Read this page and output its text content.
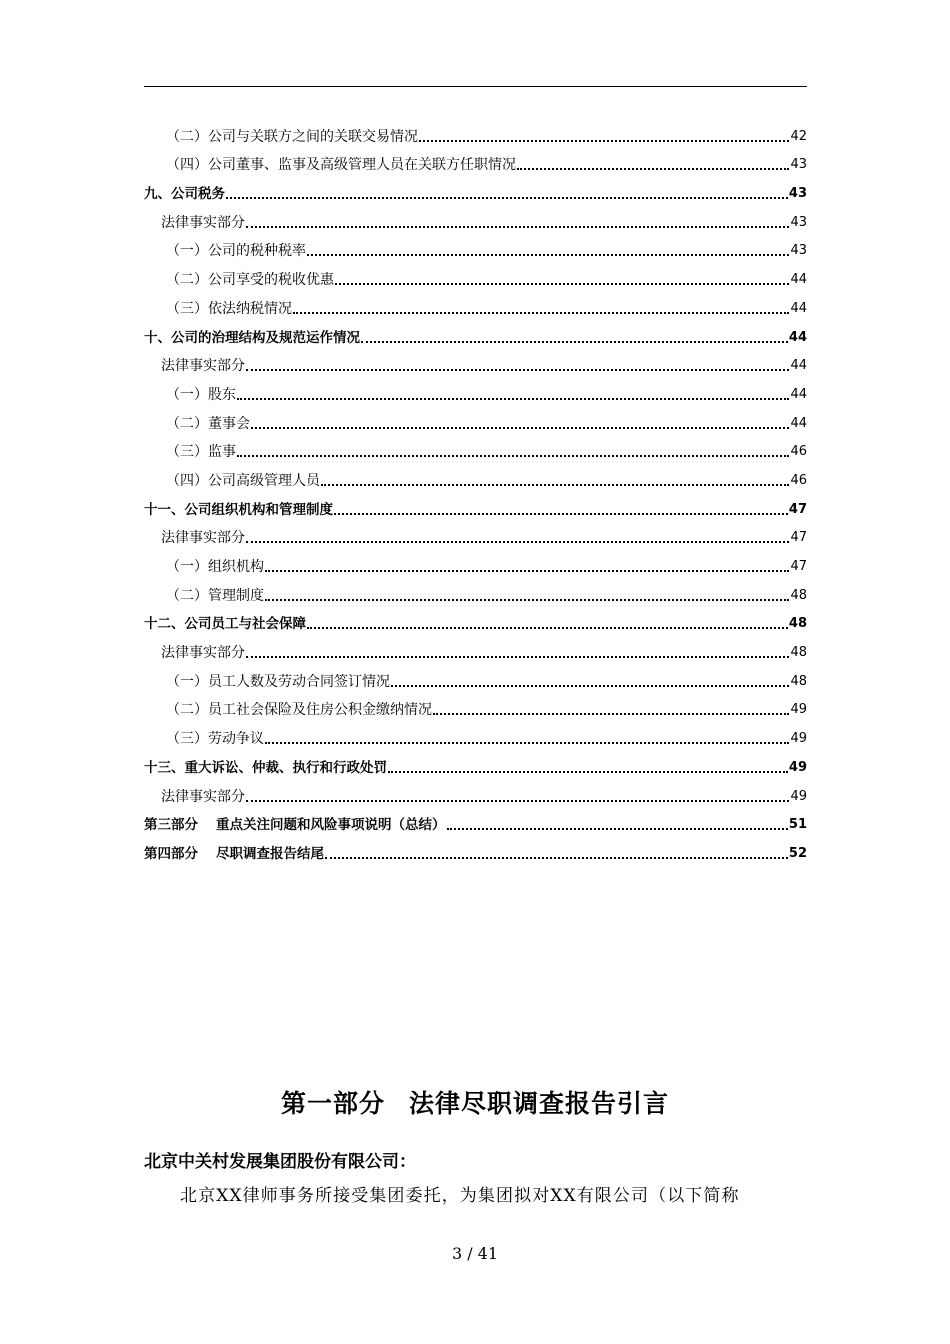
（二）公司与关联方之间的关联交易情况	42
（四）公司董事、监事及高级管理人员在关联方任职情况	43
九、公司税务	43
法律事实部分	43
（一）公司的税种税率	43
（二）公司享受的税收优惠	44
（三）依法纳税情况	44
十、公司的治理结构及规范运作情况	44
法律事实部分	44
（一）股东	44
（二）董事会	44
（三）监事	46
（四）公司高级管理人员	46
十一、公司组织机构和管理制度	47
法律事实部分	47
（一）组织机构	47
（二）管理制度	48
十二、公司员工与社会保障	48
法律事实部分	48
（一）员工人数及劳动合同签订情况	48
（二）员工社会保险及住房公积金缴纳情况	49
（三）劳动争议	49
十三、重大诉讼、仲裁、执行和行政处罚	49
法律事实部分	49
第三部分 重点关注问题和风险事项说明（总结）	51
第四部分 尽职调查报告结尾	52
第一部分 法律尽职调查报告引言
北京中关村发展集团股份有限公司：
北京XX律师事务所接受集团委托，为集团拟对XX有限公司（以下简称
3 / 41
